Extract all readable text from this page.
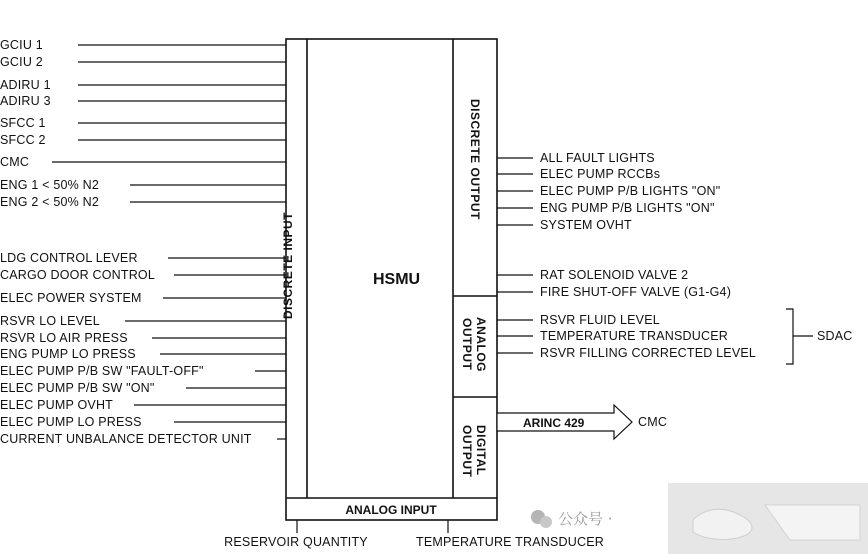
HSMU
DISCRETE INPUT
DISCRETE OUTPUT
ANALOG
OUTPUT
DIGITAL
OUTPUT
ANALOG INPUT
GCIU 1
GCIU 2
ADIRU 1
ADIRU 3
SFCC 1
SFCC 2
CMC
ENG 1 < 50% N2
ENG 2 < 50% N2
LDG CONTROL LEVER
CARGO DOOR CONTROL
ELEC POWER SYSTEM
RSVR LO LEVEL
RSVR LO AIR PRESS
ENG PUMP LO PRESS
ELEC PUMP P/B SW "FAULT-OFF"
ELEC PUMP P/B SW "ON"
ELEC PUMP OVHT
ELEC PUMP LO PRESS
CURRENT UNBALANCE DETECTOR UNIT
ALL FAULT LIGHTS
ELEC PUMP RCCBs
ELEC PUMP P/B LIGHTS "ON"
ENG PUMP P/B LIGHTS "ON"
SYSTEM OVHT
RAT SOLENOID VALVE 2
FIRE SHUT-OFF VALVE (G1-G4)
RSVR FLUID LEVEL
TEMPERATURE TRANSDUCER
RSVR FILLING CORRECTED LEVEL
SDAC
ARINC 429	CMC
RESERVOIR QUANTITY	TEMPERATURE TRANSDUCER
公众号 ·
